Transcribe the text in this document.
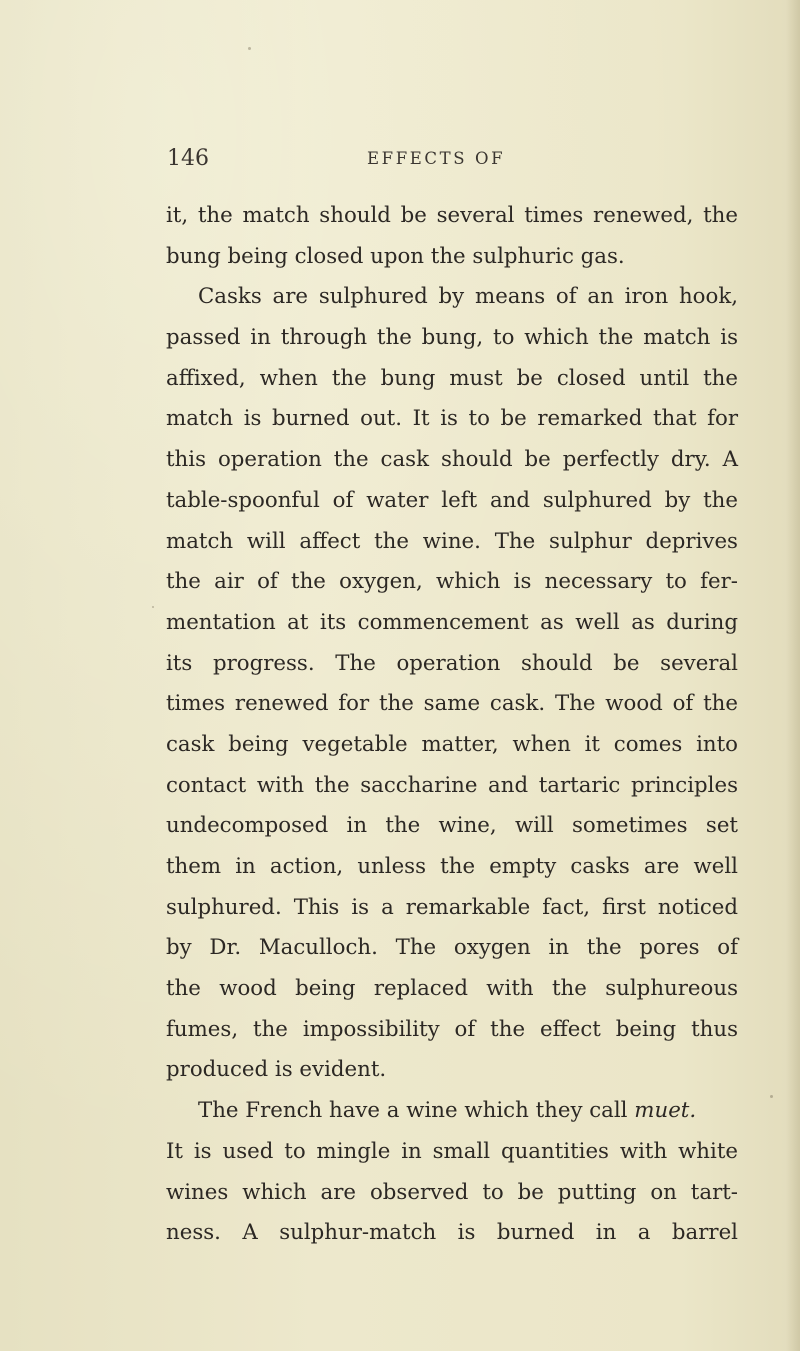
146	EFFECTS OF
it, the match should be several times renewed, the
bung being closed upon the sulphuric gas.
Casks are sulphured by means of an iron hook,
passed in through the bung, to which the match is
affixed, when the bung must be closed until the
match is burned out. It is to be remarked that for
this operation the cask should be perfectly dry. A
table-spoonful of water left and sulphured by the
match will affect the wine. The sulphur deprives
the air of the oxygen, which is necessary to fer-
mentation at its commencement as well as during
its progress. The operation should be several
times renewed for the same cask. The wood of the
cask being vegetable matter, when it comes into
contact with the saccharine and tartaric principles
undecomposed in the wine, will sometimes set
them in action, unless the empty casks are well
sulphured. This is a remarkable fact, first noticed
by Dr. Maculloch. The oxygen in the pores of
the wood being replaced with the sulphureous
fumes, the impossibility of the effect being thus
produced is evident.
The French have a wine which they call muet.
It is used to mingle in small quantities with white
wines which are observed to be putting on tart-
ness. A sulphur-match is burned in a barrel
